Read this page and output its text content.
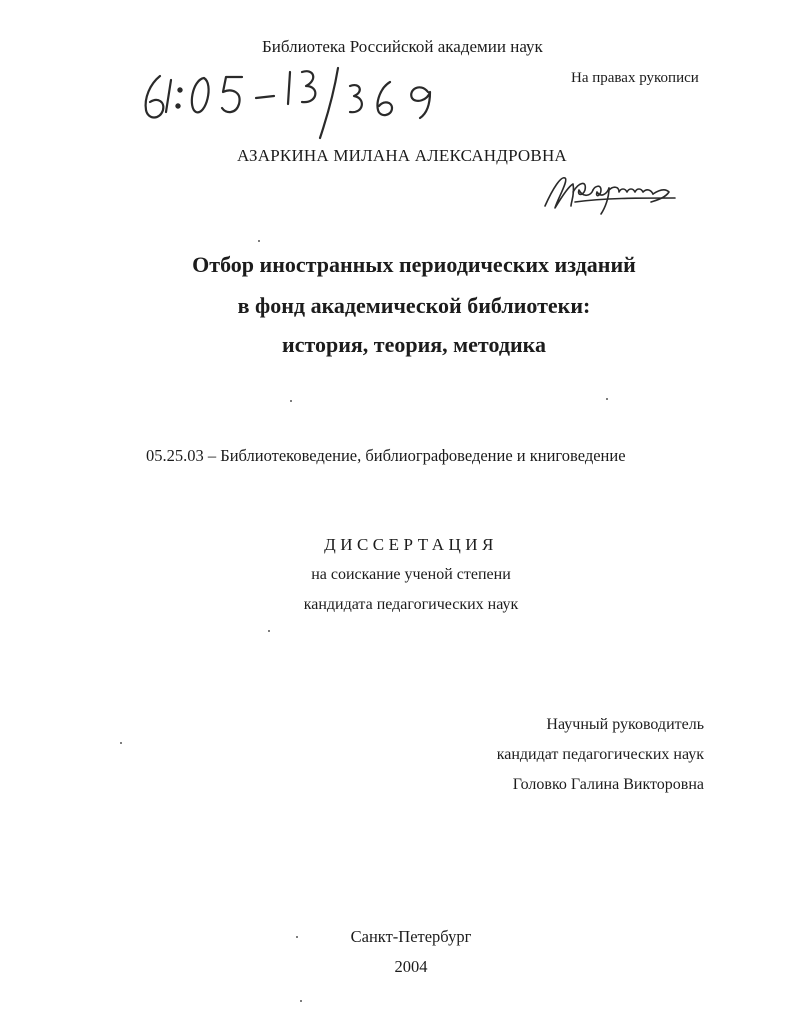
Библиотека Российской академии наук
На правах рукописи
АЗАРКИНА МИЛАНА АЛЕКСАНДРОВНА
Отбор иностранных периодических изданий
в фонд академической библиотеки:
история, теория, методика
05.25.03 – Библиотековедение, библиографоведение и книговедение
ДИССЕРТАЦИЯ
на соискание ученой степени
кандидата педагогических наук
Научный руководитель
кандидат педагогических наук
Головко Галина Викторовна
Санкт-Петербург
2004
